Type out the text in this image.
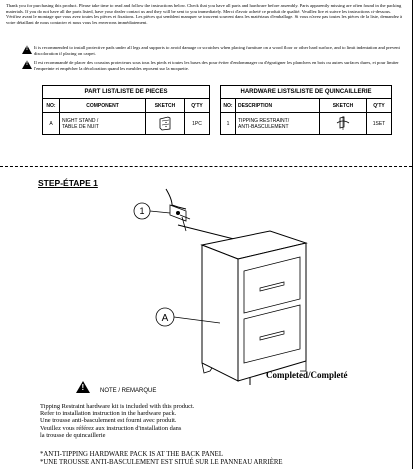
Thank you for purchasing this product. Please take time to read and follow the instructions below. Check that you have all parts and hardware before assembly. Parts apparently missing are often found in the packing materials. If you do not have all the parts listed, have your dealer contact us and they will be sent to you immediately. Merci d'avoir acheté ce produit de qualité. Veuillez lire et suivre les instructions ci-dessous. Vérifiez avant le montage que vous avez toutes les pièces et fixations. Les pièces qui semblent manquer se trouvent souvent dans les matériaux d'emballage. Si vous n'avez pas toutes les pièces de la liste, demandez à votre détaillant de nous contacter et nous vous les enverrons immédiatement.
!
It is recommended to install protective pads under all legs and supports to avoid damage or scratches when placing furniture on a wood floor or other hard surface, and to limit indentation and prevent discoloration if placing on carpet.
!
Il est recommandé de placer des coussins protecteurs sous tous les pieds et toutes les bases des pour éviter d'endommager ou d'égratigner les planchers en bois ou autres surfaces dures, et pour limiter l'empreinte et empêcher la décoloration quand les meubles reposent sur la moquette.
PART LIST/LISTE DE PIECES			
NO:	COMPONENT	SKETCH	Q'TY
A	NIGHT STAND /
TABLE DE NUIT		1PC
HARDWARE LISTS/LISTE DE QUINCAILLERIE			
NO:	DESCRIPTION	SKETCH	Q'TY
1	TIPPING RESTRAINT/
ANTI-BASCULEMENT		1SET
STEP-ÉTAPE 1
1
A
Completed/Completé
!
NOTE / REMARQUE
Tipping Restraint hardware kit is included with this product.
Refer to installation instruction in the hardware pack.
Une trousse anti-basculement est fourni avec produit.
Veuillez vous référez aux instruction d'installation dans
la trousse de quincaillerie
*ANTI-TIPPING HARDWARE PACK IS AT THE BACK PANEL
*UNE TROUSSE ANTI-BASCULEMENT EST SITUÉ SUR LE PANNEAU ARRIÈRE
